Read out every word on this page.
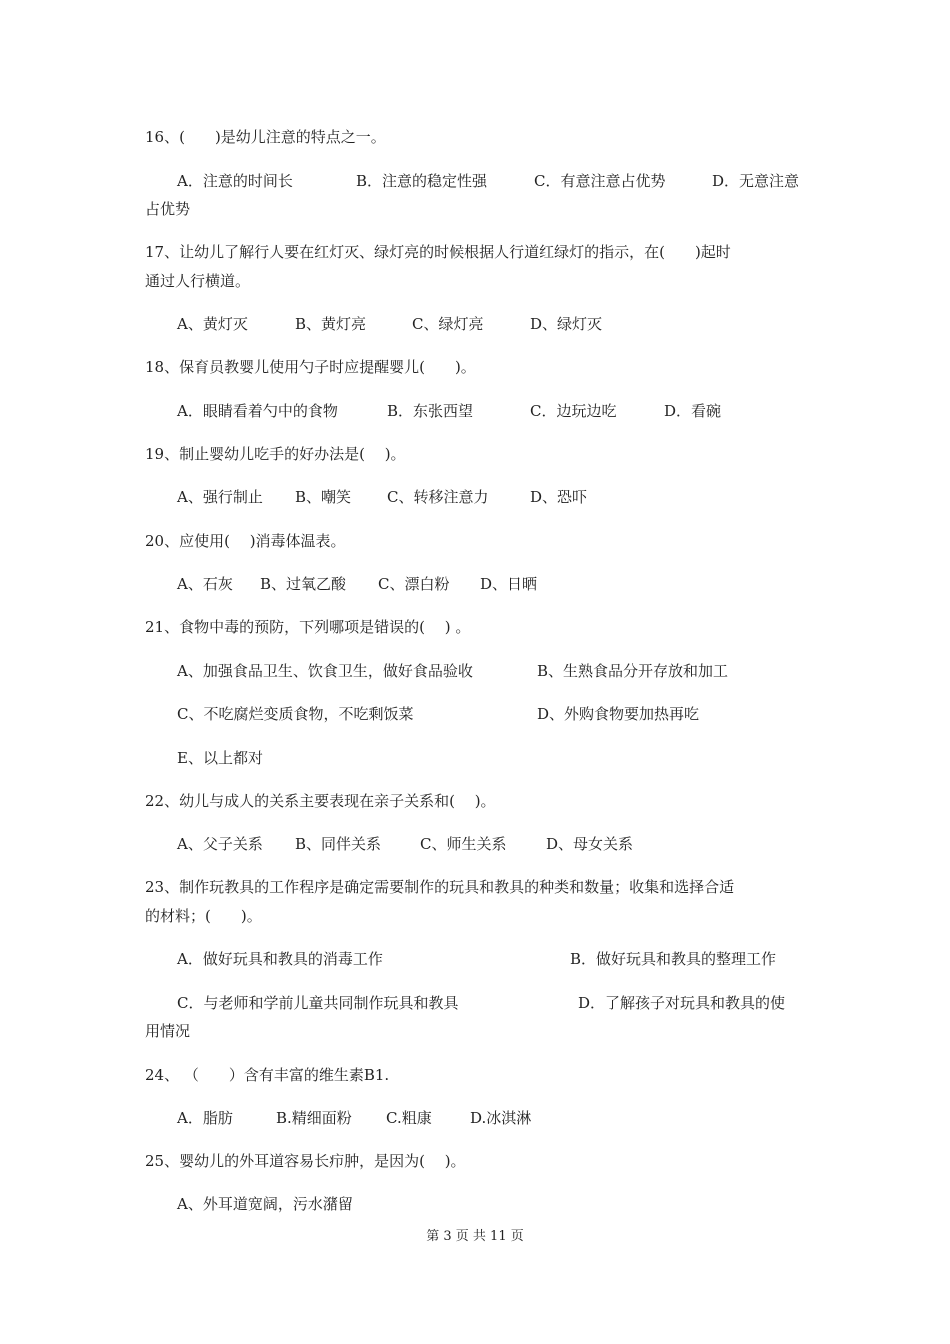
16、(　　)是幼儿注意的特点之一。
A．注意的时间长	B．注意的稳定性强	C．有意注意占优势	D．无意注意
占优势
17、让幼儿了解行人要在红灯灭、绿灯亮的时候根据人行道红绿灯的指示，在(　　)起时
通过人行横道。
A、黄灯灭	B、黄灯亮	C、绿灯亮	D、绿灯灭
18、保育员教婴儿使用勺子时应提醒婴儿(　　)。
A．眼睛看着勺中的食物	B．东张西望	C．边玩边吃	D．看碗
19、制止婴幼儿吃手的好办法是(　 )。
A、强行制止 B、嘲笑 C、转移注意力	D、恐吓
20、应使用(　 )消毒体温表。
A、石灰 B、过氧乙酸 C、漂白粉 D、日晒
21、食物中毒的预防，下列哪项是错误的(　 ) 。
A、加强食品卫生、饮食卫生，做好食品验收	B、生熟食品分开存放和加工
C、不吃腐烂变质食物，不吃剩饭菜	D、外购食物要加热再吃
E、以上都对
22、幼儿与成人的关系主要表现在亲子关系和(　 )。
A、父子关系 B、同伴关系	C、师生关系	D、母女关系
23、制作玩教具的工作程序是确定需要制作的玩具和教具的种类和数量；收集和选择合适
的材料；(　　)。
A．做好玩具和教具的消毒工作	B．做好玩具和教具的整理工作
C．与老师和学前儿童共同制作玩具和教具	D．了解孩子对玩具和教具的使
用情况
24、 （　　）含有丰富的维生素B1.
A．脂肪	B.精细面粉 C.粗康	D.冰淇淋
25、婴幼儿的外耳道容易长疖肿，是因为(　 )。
A、外耳道宽阔，污水潴留
第 3 页 共 11 页
